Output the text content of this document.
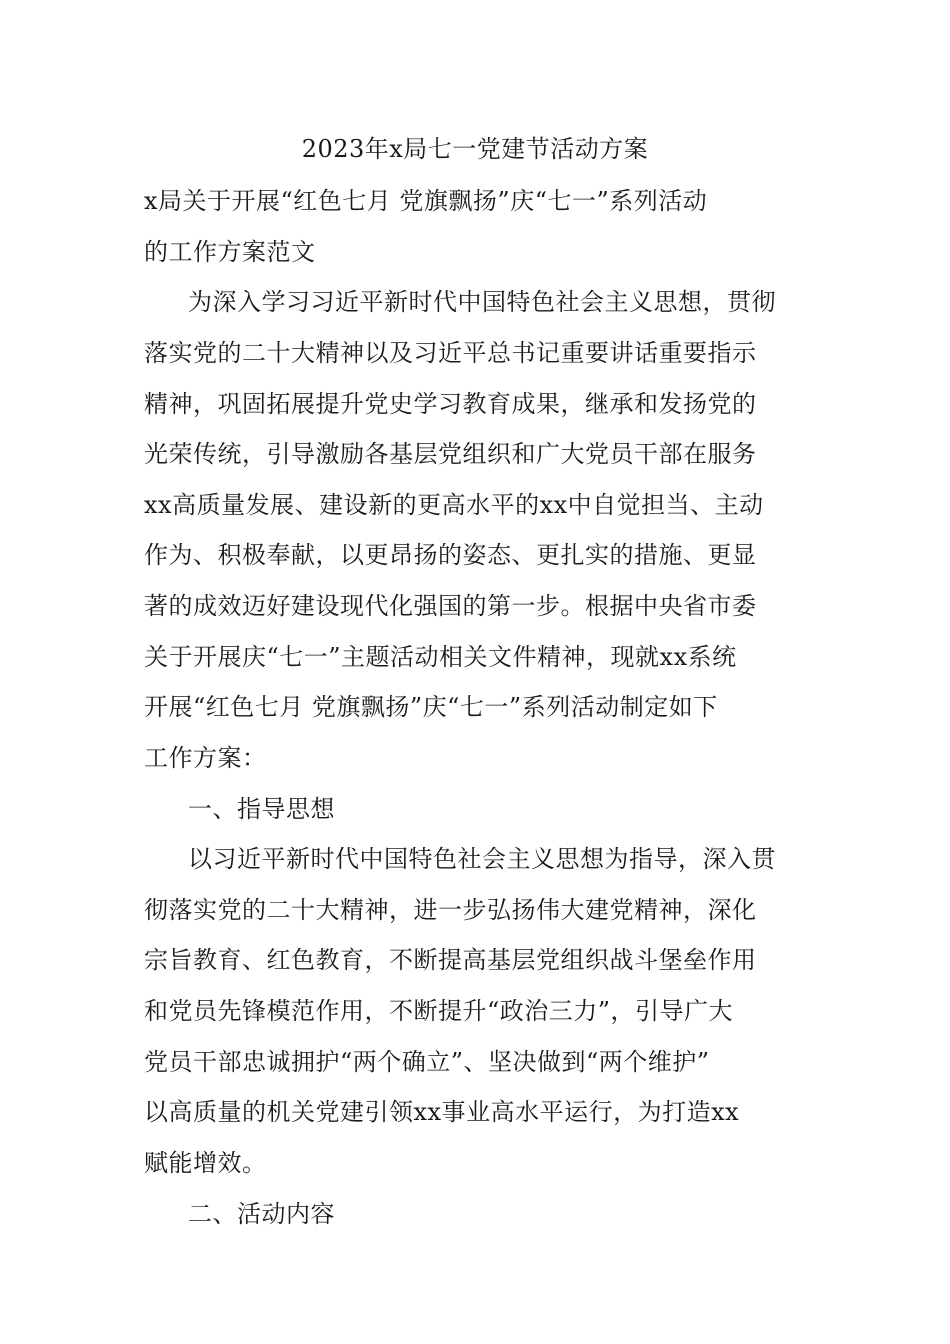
2023年x局七一党建节活动方案
x局关于开展“红色七月 党旗飘扬”庆“七一”系列活动
的工作方案范文
为深入学习习近平新时代中国特色社会主义思想，贯彻
落实党的二十大精神以及习近平总书记重要讲话重要指示
精神，巩固拓展提升党史学习教育成果，继承和发扬党的
光荣传统，引导激励各基层党组织和广大党员干部在服务
xx高质量发展、建设新的更高水平的xx中自觉担当、主动
作为、积极奉献，以更昂扬的姿态、更扎实的措施、更显
著的成效迈好建设现代化强国的第一步。根据中央省市委
关于开展庆“七一”主题活动相关文件精神，现就xx系统
开展“红色七月 党旗飘扬”庆“七一”系列活动制定如下
工作方案：
一、指导思想
以习近平新时代中国特色社会主义思想为指导，深入贯
彻落实党的二十大精神，进一步弘扬伟大建党精神，深化
宗旨教育、红色教育，不断提高基层党组织战斗堡垒作用
和党员先锋模范作用，不断提升“政治三力”，引导广大
党员干部忠诚拥护“两个确立”、坚决做到“两个维护”
以高质量的机关党建引领xx事业高水平运行，为打造xx
赋能增效。
二、活动内容
